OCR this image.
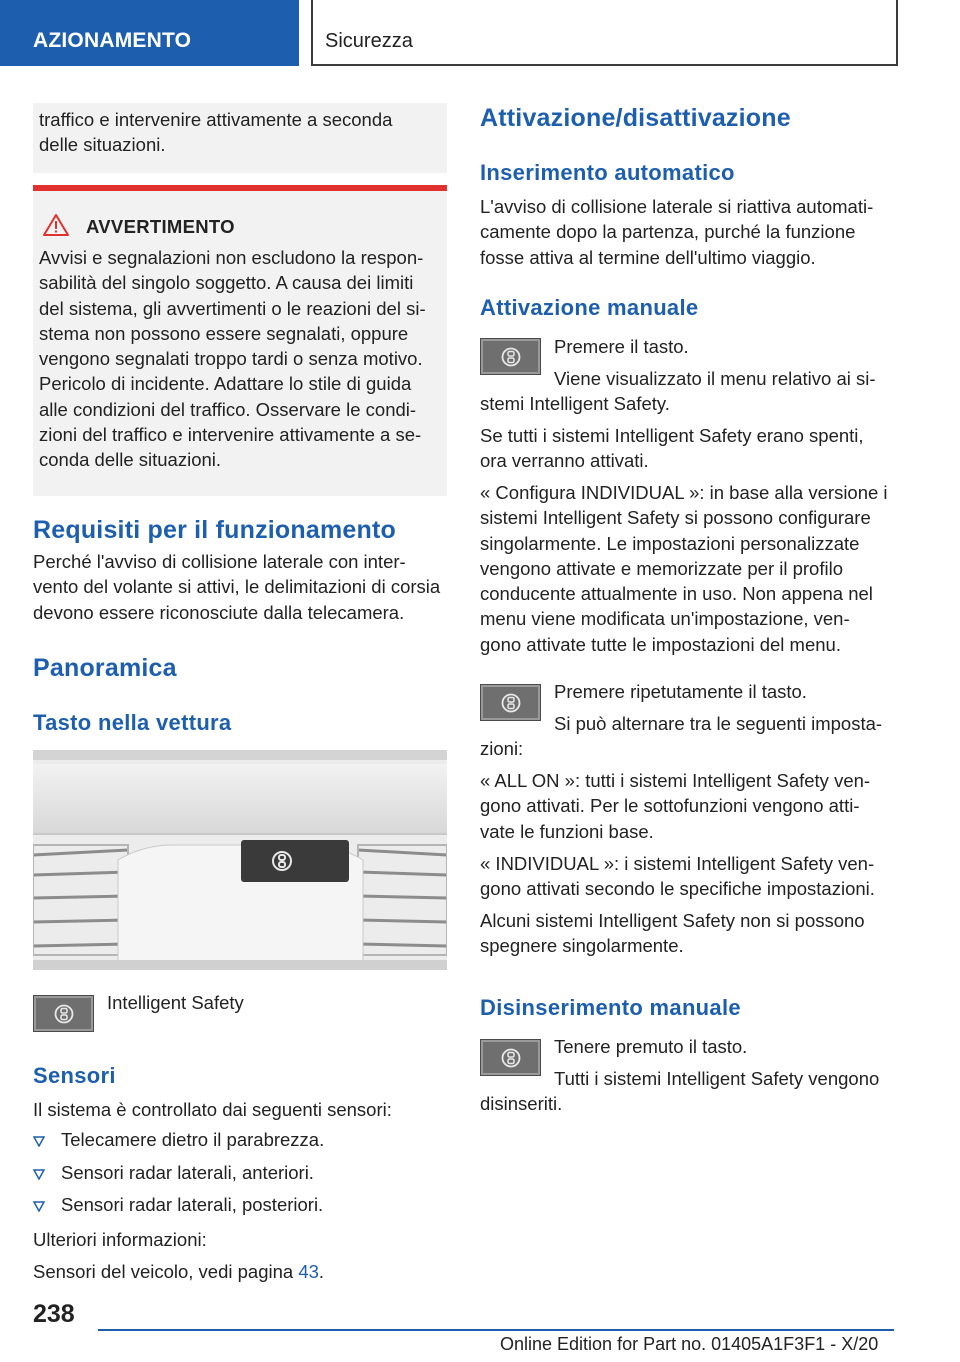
AZIONAMENTO	Sicurezza

traffico e intervenire attivamente a seconda delle situazioni.

AVVERTIMENTO
Avvisi e segnalazioni non escludono la respon-
sabilità del singolo soggetto. A causa dei limiti
del sistema, gli avvertimenti o le reazioni del si-
stema non possono essere segnalati, oppure
vengono segnalati troppo tardi o senza motivo.
Pericolo di incidente. Adattare lo stile di guida
alle condizioni del traffico. Osservare le condi-
zioni del traffico e intervenire attivamente a se-
conda delle situazioni.
Requisiti per il funzionamento
Perché l'avviso di collisione laterale con inter-
vento del volante si attivi, le delimitazioni di corsia
devono essere riconosciute dalla telecamera.
Panoramica
Tasto nella vettura
Intelligent Safety
Sensori
Il sistema è controllato dai seguenti sensori:
Telecamere dietro il parabrezza.
Sensori radar laterali, anteriori.
Sensori radar laterali, posteriori.
Ulteriori informazioni:
Sensori del veicolo, vedi pagina 43.
Attivazione/disattivazione
Inserimento automatico
L'avviso di collisione laterale si riattiva automati-
camente dopo la partenza, purché la funzione
fosse attiva al termine dell'ultimo viaggio.
Attivazione manuale
Premere il tasto.
Viene visualizzato il menu relativo ai si-
stemi Intelligent Safety.
Se tutti i sistemi Intelligent Safety erano spenti,
ora verranno attivati.
« Configura INDIVIDUAL »: in base alla versione i
sistemi Intelligent Safety si possono configurare
singolarmente. Le impostazioni personalizzate
vengono attivate e memorizzate per il profilo
conducente attualmente in uso. Non appena nel
menu viene modificata un'impostazione, ven-
gono attivate tutte le impostazioni del menu.
Premere ripetutamente il tasto.
Si può alternare tra le seguenti imposta-
zioni:
« ALL ON »: tutti i sistemi Intelligent Safety ven-
gono attivati. Per le sottofunzioni vengono atti-
vate le funzioni base.
« INDIVIDUAL »: i sistemi Intelligent Safety ven-
gono attivati secondo le specifiche impostazioni.
Alcuni sistemi Intelligent Safety non si possono
spegnere singolarmente.
Disinserimento manuale
Tenere premuto il tasto.
Tutti i sistemi Intelligent Safety vengono
disinseriti.
238
Online Edition for Part no. 01405A1F3F1 - X/20
